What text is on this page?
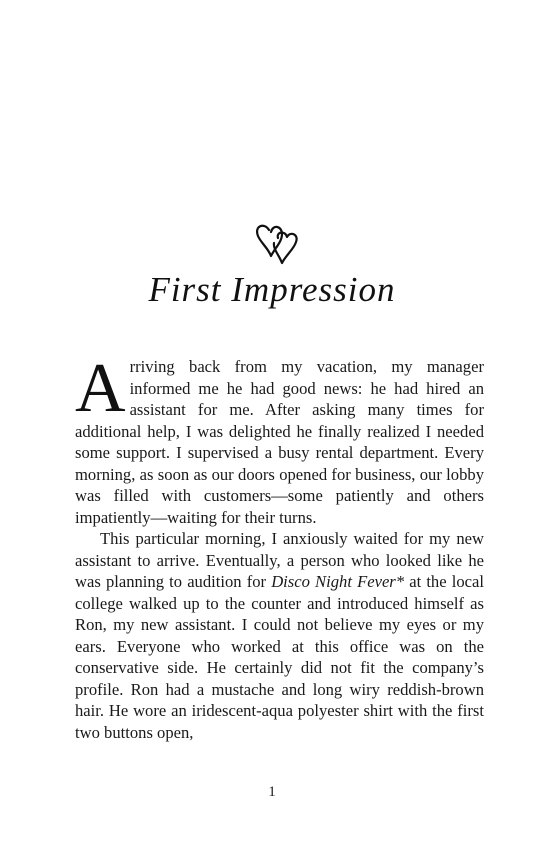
First Impression

Arriving back from my vacation, my manager informed me he had good news: he had hired an assistant for me. After asking many times for additional help, I was delighted he finally realized I needed some support. I supervised a busy rental department. Every morning, as soon as our doors opened for business, our lobby was filled with customers—some patiently and others impatiently—waiting for their turns.

This particular morning, I anxiously waited for my new assistant to arrive. Eventually, a person who looked like he was planning to audition for Disco Night Fever* at the local college walked up to the counter and introduced himself as Ron, my new assistant. I could not believe my eyes or my ears. Everyone who worked at this office was on the conservative side. He certainly did not fit the company’s profile. Ron had a mustache and long wiry reddish-brown hair. He wore an iridescent-aqua polyester shirt with the first two buttons open,

1
